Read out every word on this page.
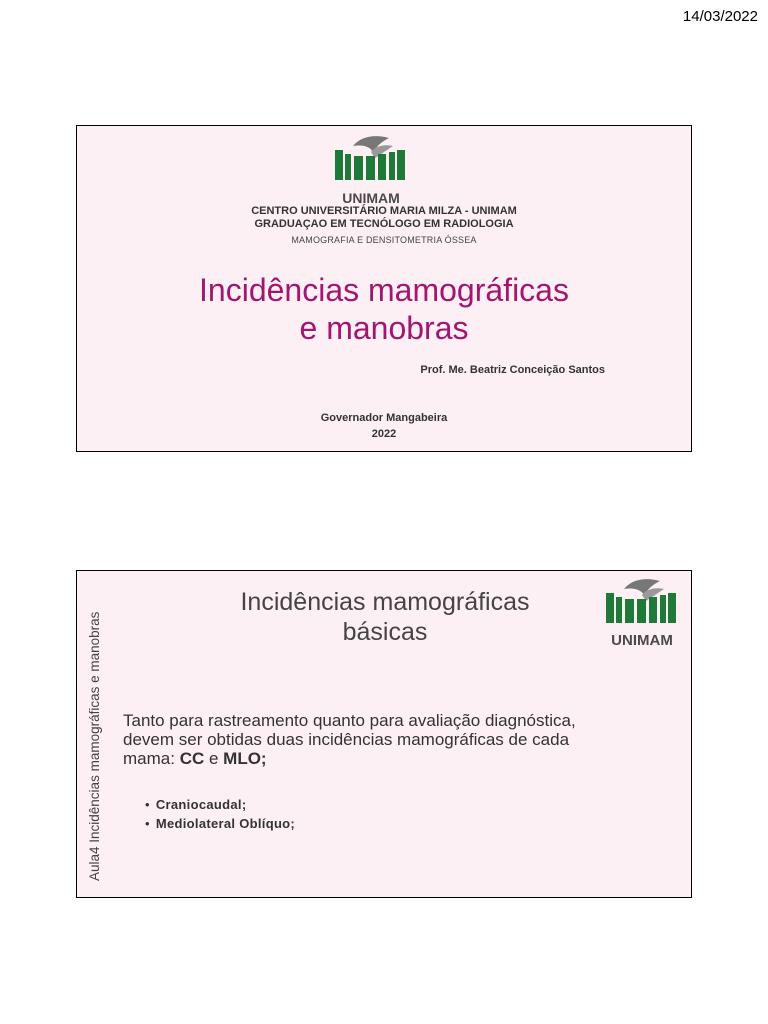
14/03/2022
UNIMAM
CENTRO UNIVERSITÁRIO MARIA MILZA - UNIMAM
GRADUAÇAO EM TECNÓLOGO EM RADIOLOGIA
MAMOGRAFIA E DENSITOMETRIA ÓSSEA
Incidências mamográficas
e manobras
Prof. Me. Beatriz Conceição Santos
Governador Mangabeira
2022
Aula4 Incidências mamográficas e manobras
Incidências mamográficas
básicas	UNIMAM
Tanto para rastreamento quanto para avaliação diagnóstica,
devem ser obtidas duas incidências mamográficas de cada
mama: CC e MLO;
• Craniocaudal;
• Mediolateral Oblíquo;
